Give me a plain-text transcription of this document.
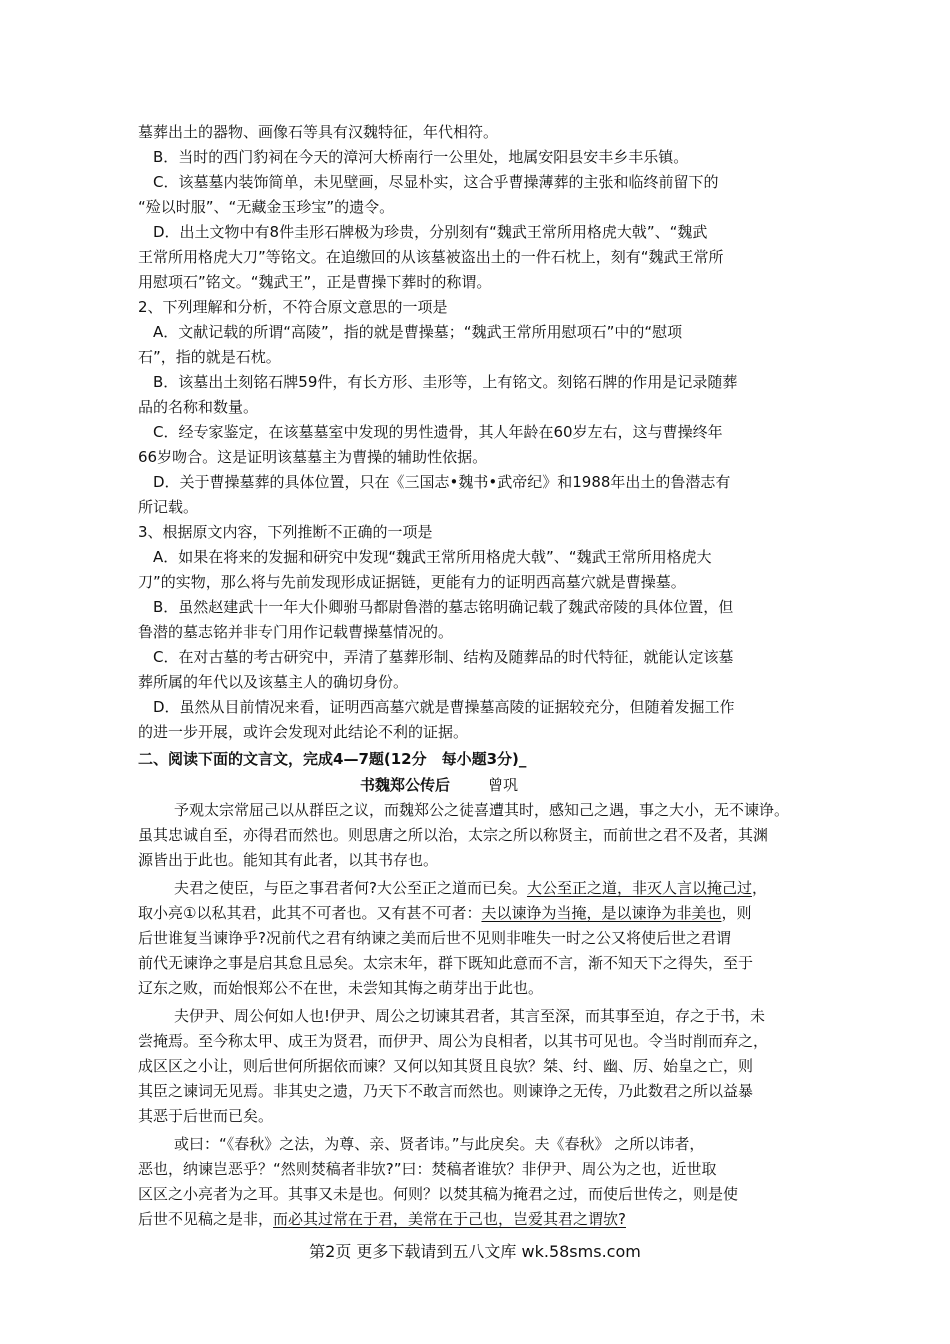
墓葬出土的器物、画像石等具有汉魏特征，年代相符。

B．当时的西门豹祠在今天的漳河大桥南行一公里处，地属安阳县安丰乡丰乐镇。

C．该墓墓内装饰简单，未见壁画，尽显朴实，这合乎曹操薄葬的主张和临终前留下的

“殓以时服”、“无藏金玉珍宝”的遗令。

D．出土文物中有8件圭形石牌极为珍贵，分别刻有“魏武王常所用格虎大戟”、“魏武

王常所用格虎大刀”等铭文。在追缴回的从该墓被盗出土的一件石枕上，刻有“魏武王常所

用慰项石”铭文。“魏武王”，正是曹操下葬时的称谓。

2、下列理解和分析，不符合原文意思的一项是

A．文献记载的所谓“高陵”，指的就是曹操墓；“魏武王常所用慰项石”中的“慰项

石”，指的就是石枕。

B．该墓出土刻铭石牌59件，有长方形、圭形等，上有铭文。刻铭石牌的作用是记录随葬

品的名称和数量。

C．经专家鉴定，在该墓墓室中发现的男性遗骨，其人年龄在60岁左右，这与曹操终年

66岁吻合。这是证明该墓墓主为曹操的辅助性依据。

D．关于曹操墓葬的具体位置，只在《三国志•魏书•武帝纪》和1988年出土的鲁潜志有

所记载。

3、根据原文内容，下列推断不正确的一项是

A．如果在将来的发掘和研究中发现“魏武王常所用格虎大戟”、“魏武王常所用格虎大

刀”的实物，那么将与先前发现形成证据链，更能有力的证明西高墓穴就是曹操墓。

B．虽然赵建武十一年大仆卿驸马都尉鲁潜的墓志铭明确记载了魏武帝陵的具体位置，但

鲁潜的墓志铭并非专门用作记载曹操墓情况的。

C．在对古墓的考古研究中，弄清了墓葬形制、结构及随葬品的时代特征，就能认定该墓

葬所属的年代以及该墓主人的确切身份。

D．虽然从目前情况来看，证明西高墓穴就是曹操墓高陵的证据较充分，但随着发掘工作

的进一步开展，或许会发现对此结论不利的证据。

二、阅读下面的文言文，完成4—7题(12分　每小题3分)_

书魏郑公传后	曾巩

予观太宗常屈己以从群臣之议，而魏郑公之徒喜遭其时，感知己之遇，事之大小，无不谏诤。

虽其忠诚自至，亦得君而然也。则思唐之所以治，太宗之所以称贤主，而前世之君不及者，其渊

源皆出于此也。能知其有此者，以其书存也。

夫君之使臣，与臣之事君者何?大公至正之道而已矣。大公至正之道，非灭人言以掩己过，

取小亮①以私其君，此其不可者也。又有甚不可者：夫以谏诤为当掩，是以谏诤为非美也，则

后世谁复当谏诤乎?况前代之君有纳谏之美而后世不见则非唯失一时之公又将使后世之君谓

前代无谏诤之事是启其怠且忌矣。太宗末年，群下既知此意而不言，渐不知天下之得失，至于

辽东之败，而始恨郑公不在世，未尝知其悔之萌芽出于此也。

夫伊尹、周公何如人也!伊尹、周公之切谏其君者，其言至深，而其事至迫，存之于书，未

尝掩焉。至今称太甲、成王为贤君，而伊尹、周公为良相者，以其书可见也。令当时削而弃之，

成区区之小让，则后世何所据依而谏？又何以知其贤且良欤？桀、纣、幽、厉、始皇之亡，则

其臣之谏词无见焉。非其史之遗，乃天下不敢言而然也。则谏诤之无传，乃此数君之所以益暴

其恶于后世而已矣。

或曰：“《春秋》之法，为尊、亲、贤者讳。”与此戾矣。夫《春秋》 之所以讳者，

恶也，纳谏岂恶乎？“然则焚稿者非欤?”曰：焚稿者谁欤？非伊尹、周公为之也，近世取

区区之小亮者为之耳。其事又未是也。何则？以焚其稿为掩君之过，而使后世传之，则是使

后世不见稿之是非，而必其过常在于君，美常在于己也，岂爱其君之谓欤?

第2页 更多下载请到五八文库 wk.58sms.com
